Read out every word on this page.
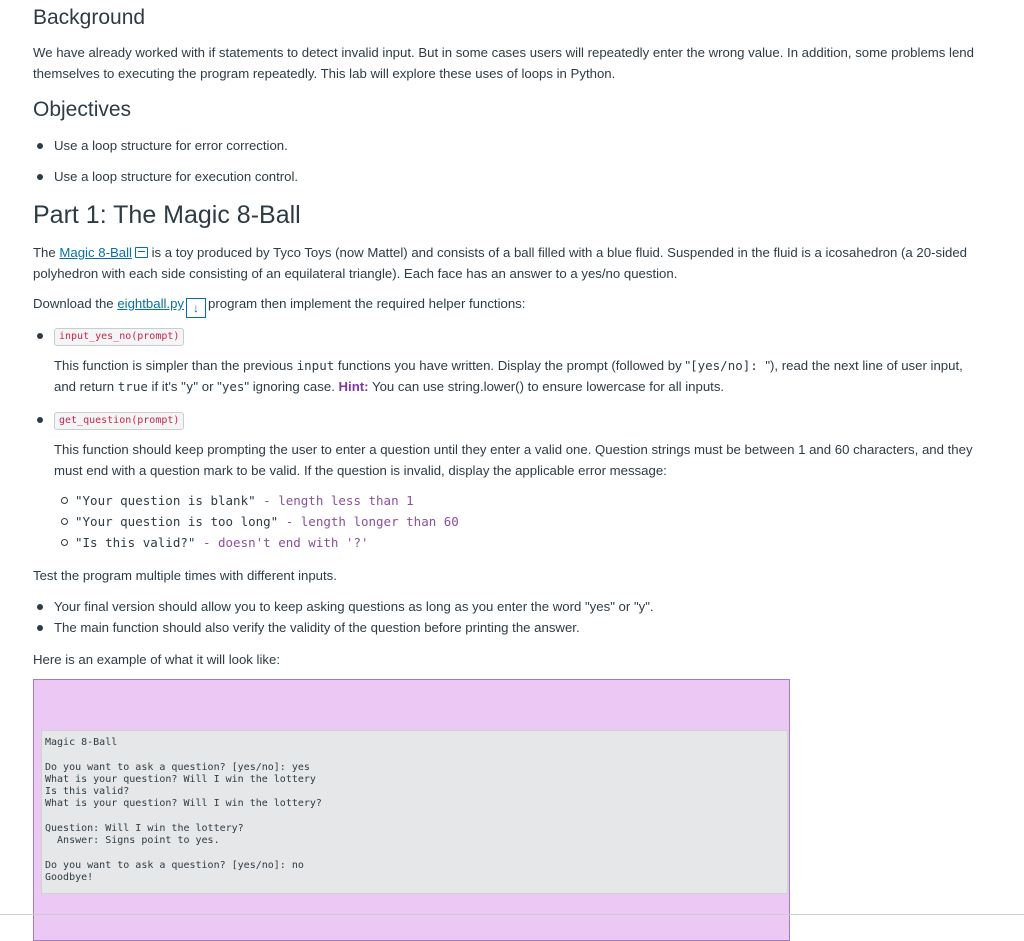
Background

We have already worked with if statements to detect invalid input. But in some cases users will repeatedly enter the wrong value. In addition, some problems lend themselves to executing the program repeatedly. This lab will explore these uses of loops in Python.

Objectives
Use a loop structure for error correction.
Use a loop structure for execution control.
Part 1: The Magic 8-Ball

The Magic 8-Ball is a toy produced by Tyco Toys (now Mattel) and consists of a ball filled with a blue fluid. Suspended in the fluid is a icosahedron (a 20-sided polyhedron with each side consisting of an equilateral triangle). Each face has an answer to a yes/no question.

Download the eightball.py ↓ program then implement the required helper functions:

input_yes_no(prompt)

This function is simpler than the previous input functions you have written. Display the prompt (followed by "[yes/no]: "), read the next line of user input, and return true if it's "y" or "yes" ignoring case. Hint: You can use string.lower() to ensure lowercase for all inputs.

get_question(prompt)

This function should keep prompting the user to enter a question until they enter a valid one. Question strings must be between 1 and 60 characters, and they must end with a question mark to be valid. If the question is invalid, display the applicable error message:

"Your question is blank" - length less than 1
"Your question is too long" - length longer than 60
"Is this valid?" - doesn't end with '?'

Test the program multiple times with different inputs.

Your final version should allow you to keep asking questions as long as you enter the word "yes" or "y".
The main function should also verify the validity of the question before printing the answer.

Here is an example of what it will look like:

Magic 8-Ball

Do you want to ask a question? [yes/no]: yes
What is your question? Will I win the lottery
Is this valid?
What is your question? Will I win the lottery?

Question: Will I win the lottery?
Answer: Signs point to yes.

Do you want to ask a question? [yes/no]: no
Goodbye!
